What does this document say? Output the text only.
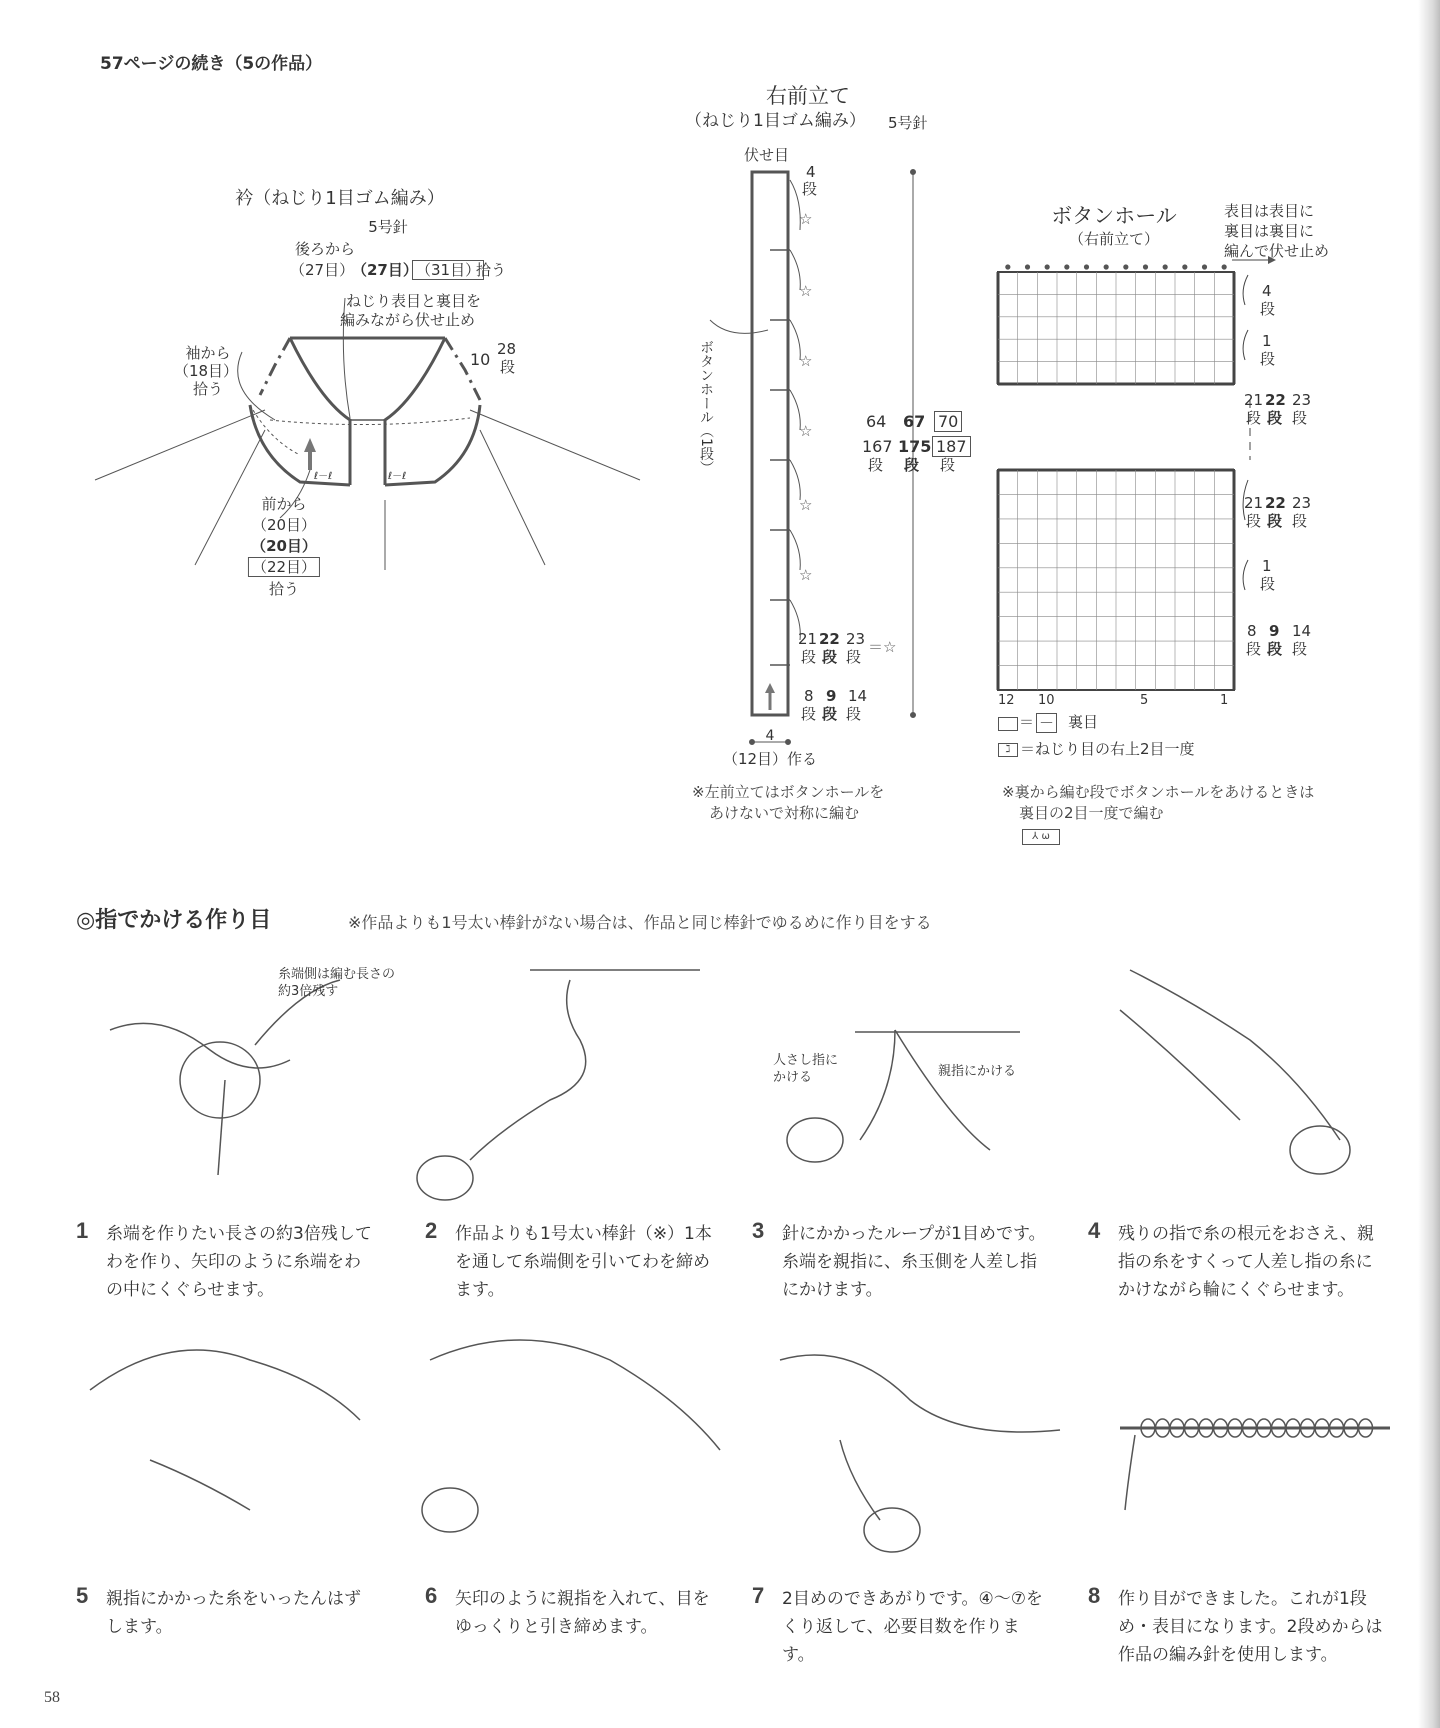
57ページの続き（5の作品）
衿（ねじり1目ゴム編み）
5号針
後ろから
（27目）
（27目）
（31目）
拾う
ねじり表目と裏目を
編みながら伏せ止め
10
28
段
袖から
（18目）
拾う
ℓ－ℓ	ℓ－ℓ
前から
（20目）
（20目）
（22目）
拾う
右前立て
（ねじり1目ゴム編み） 5号針
伏せ目
4
段
☆
☆
☆
☆
☆
☆
ボタンホール（1段）	64 67 70
167 175 187
段 段 段
21 22 23
段 段 段
＝☆
8 9 14
段 段 段
4
（12目）作る
※左前立てはボタンホールを
あけないで対称に編む
ボタンホール
（右前立て）
表目は表目に
裏目は裏目に
編んで伏せ止め
4
段
1
段
21 22 23
段 段 段
21 22 23
段 段 段
1
段
8 9 14
段 段 段
12 10	5	1
＝ － 裏目
ℷ ＝ねじり目の右上2目一度
※裏から編む段でボタンホールをあけるときは
裏目の2目一度で編む
⅄ ω
◎指でかける作り目	※作品よりも1号太い棒針がない場合は、作品と同じ棒針でゆるめに作り目をする
糸端側は編む長さの
約3倍残す
人さし指に
かける	親指にかける
1 糸端を作りたい長さの約3倍残してわを作り、矢印のように糸端をわの中にくぐらせます。
2 作品よりも1号太い棒針（※）1本を通して糸端側を引いてわを締めます。
3 針にかかったループが1目めです。糸端を親指に、糸玉側を人差し指にかけます。
4 残りの指で糸の根元をおさえ、親指の糸をすくって人差し指の糸にかけながら輪にくぐらせます。
5 親指にかかった糸をいったんはずします。
6 矢印のように親指を入れて、目をゆっくりと引き締めます。
7 2目めのできあがりです。④～⑦をくり返して、必要目数を作ります。
8 作り目ができました。これが1段め・表目になります。2段めからは作品の編み針を使用します。
58
